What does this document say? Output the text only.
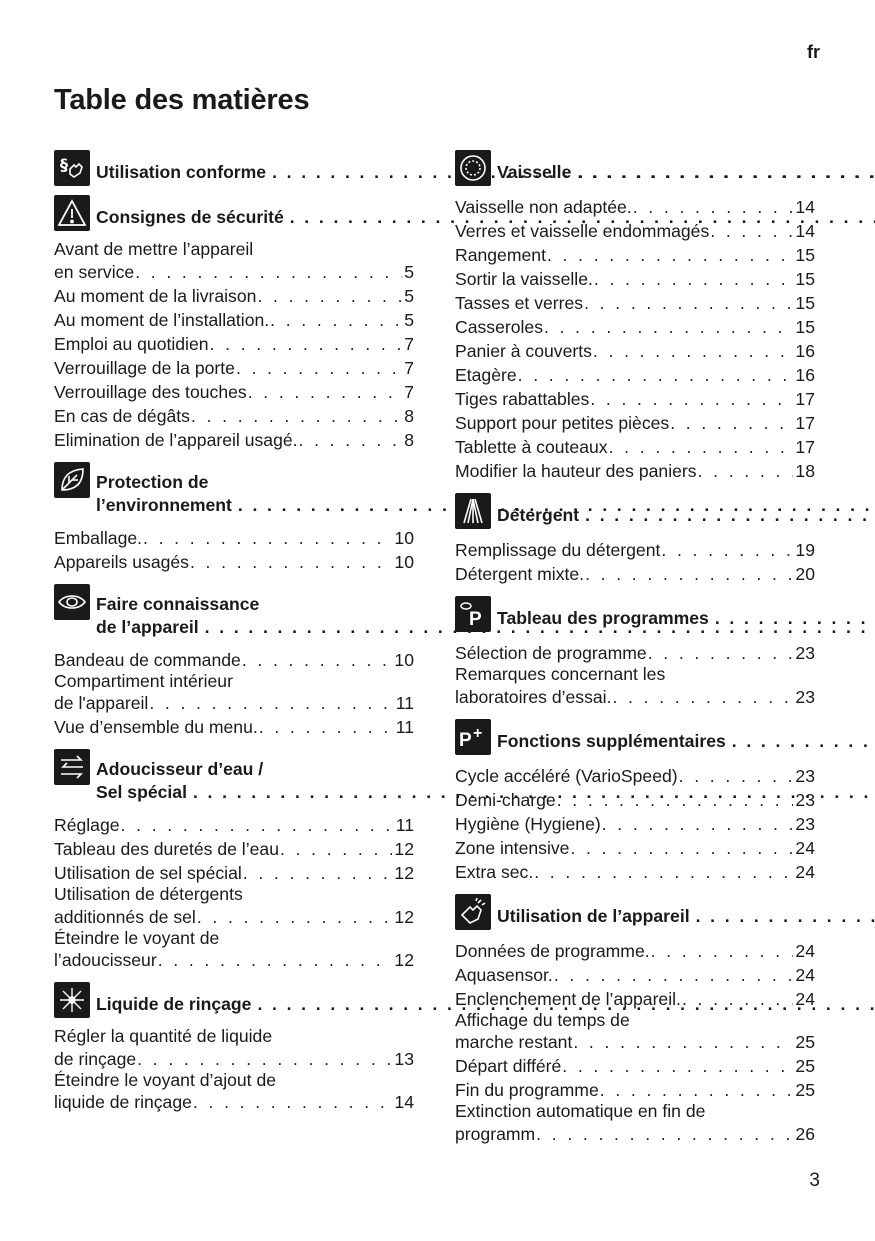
fr
Table des matières
§ Utilisation conforme
. . .
Consignes de sécurité
. . .
Avant de mettre l’appareil
en service . . .	5
Au moment de la livraison . . .	5
Au moment de l’installation. . . .	5
Emploi au quotidien . . .	7
Verrouillage de la porte . . .	7
Verrouillage des touches . . .	7
En cas de dégâts . . .	8
Elimination de l’appareil usagé. . . .	8
Protection de
l’environnement
. . .
Emballage. . . .	10
Appareils usagés . . .	10
Faire connaissance
de l’appareil
. . .
Bandeau de commande . . .	10
Compartiment intérieur
de l'appareil . . .	11
Vue d’ensemble du menu. . . .	11
Adoucisseur d’eau /
Sel spécial
. . .
Réglage . . .	11
Tableau des duretés de l’eau . . .	12
Utilisation de sel spécial . . .	12
Utilisation de détergents
additionnés de sel . . .	12
Éteindre le voyant de
l’adoucisseur . . .	12
Liquide de rinçage
. . .
Régler la quantité de liquide
de rinçage . . .	13
Éteindre le voyant d’ajout de
liquide de rinçage . . .	14
Vaisselle
. . .
Vaisselle non adaptée. . . .	14
Verres et vaisselle endommagés . . .	14
Rangement . . .	15
Sortir la vaisselle. . . .	15
Tasses et verres . . .	15
Casseroles . . .	15
Panier à couverts . . .	16
Etagère . . .	16
Tiges rabattables . . .	17
Support pour petites pièces . . .	17
Tablette à couteaux . . .	17
Modifier la hauteur des paniers . . .	18
Détergent
. . .
Remplissage du détergent . . .	19
Détergent mixte. . . .	20
P Tableau des programmes
. . .
Sélection de programme . . .	23
Remarques concernant les
laboratoires d’essai. . . .	23
P + Fonctions supplémentaires
. . .
Cycle accéléré (VarioSpeed) . . .	23
Demi-charge . . .	23
Hygiène (Hygiene) . . .	23
Zone intensive . . .	24
Extra sec. . . .	24
Utilisation de l’appareil
. . .
Données de programme. . . .	24
Aquasensor. . . .	24
Enclenchement de l’appareil. . . .	24
Affichage du temps de
marche restant . . .	25
Départ différé . . .	25
Fin du programme . . .	25
Extinction automatique en fin de
programm . . .	26
3
